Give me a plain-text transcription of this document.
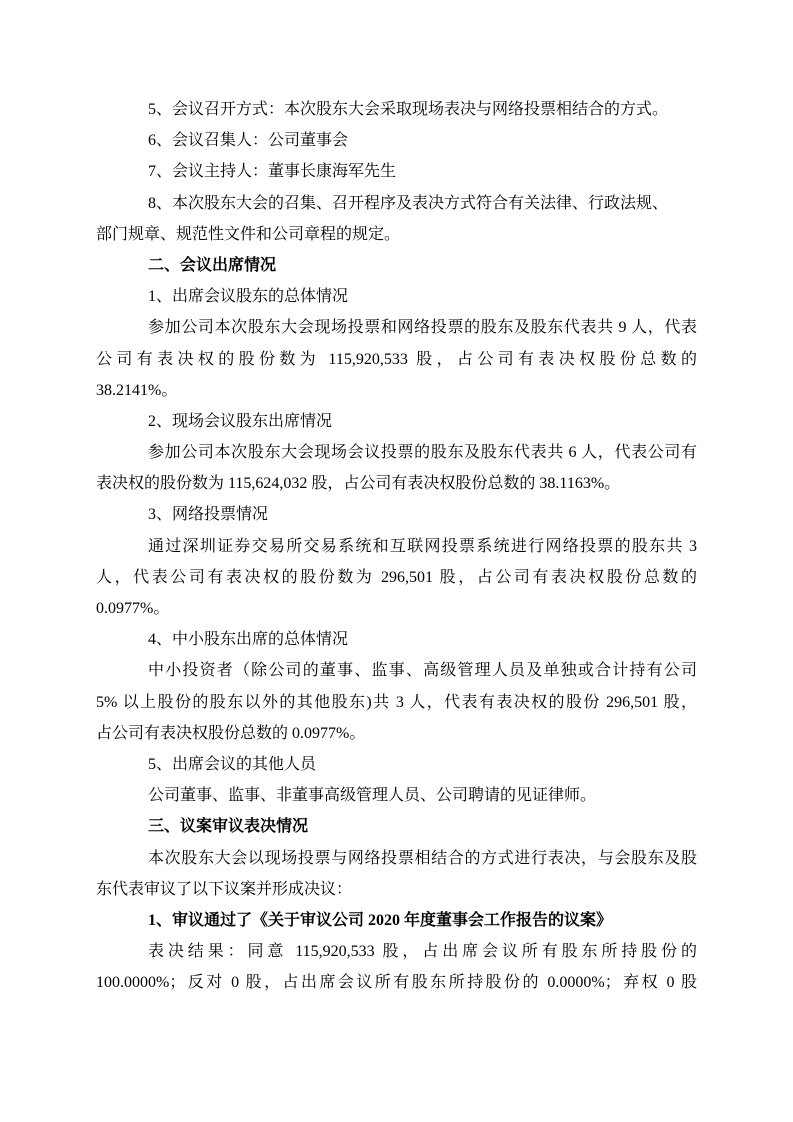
5、会议召开方式：本次股东大会采取现场表决与网络投票相结合的方式。
6、会议召集人：公司董事会
7、会议主持人：董事长康海军先生
8、本次股东大会的召集、召开程序及表决方式符合有关法律、行政法规、
部门规章、规范性文件和公司章程的规定。
二、会议出席情况
1、出席会议股东的总体情况
参加公司本次股东大会现场投票和网络投票的股东及股东代表共 9 人，代表
公司有表决权的股份数为 115,920,533 股，占公司有表决权股份总数的
38.2141%。
2、现场会议股东出席情况
参加公司本次股东大会现场会议投票的股东及股东代表共 6 人，代表公司有
表决权的股份数为 115,624,032 股，占公司有表决权股份总数的 38.1163%。
3、网络投票情况
通过深圳证券交易所交易系统和互联网投票系统进行网络投票的股东共 3
人，代表公司有表决权的股份数为 296,501 股，占公司有表决权股份总数的
0.0977%。
4、中小股东出席的总体情况
中小投资者（除公司的董事、监事、高级管理人员及单独或合计持有公司
5% 以上股份的股东以外的其他股东)共 3 人，代表有表决权的股份 296,501 股，
占公司有表决权股份总数的 0.0977%。
5、出席会议的其他人员
公司董事、监事、非董事高级管理人员、公司聘请的见证律师。
三、议案审议表决情况
本次股东大会以现场投票与网络投票相结合的方式进行表决，与会股东及股
东代表审议了以下议案并形成决议：
1、审议通过了《关于审议公司 2020 年度董事会工作报告的议案》
表决结果：同意 115,920,533 股，占出席会议所有股东所持股份的
100.0000%；反对 0 股，占出席会议所有股东所持股份的 0.0000%；弃权 0 股
